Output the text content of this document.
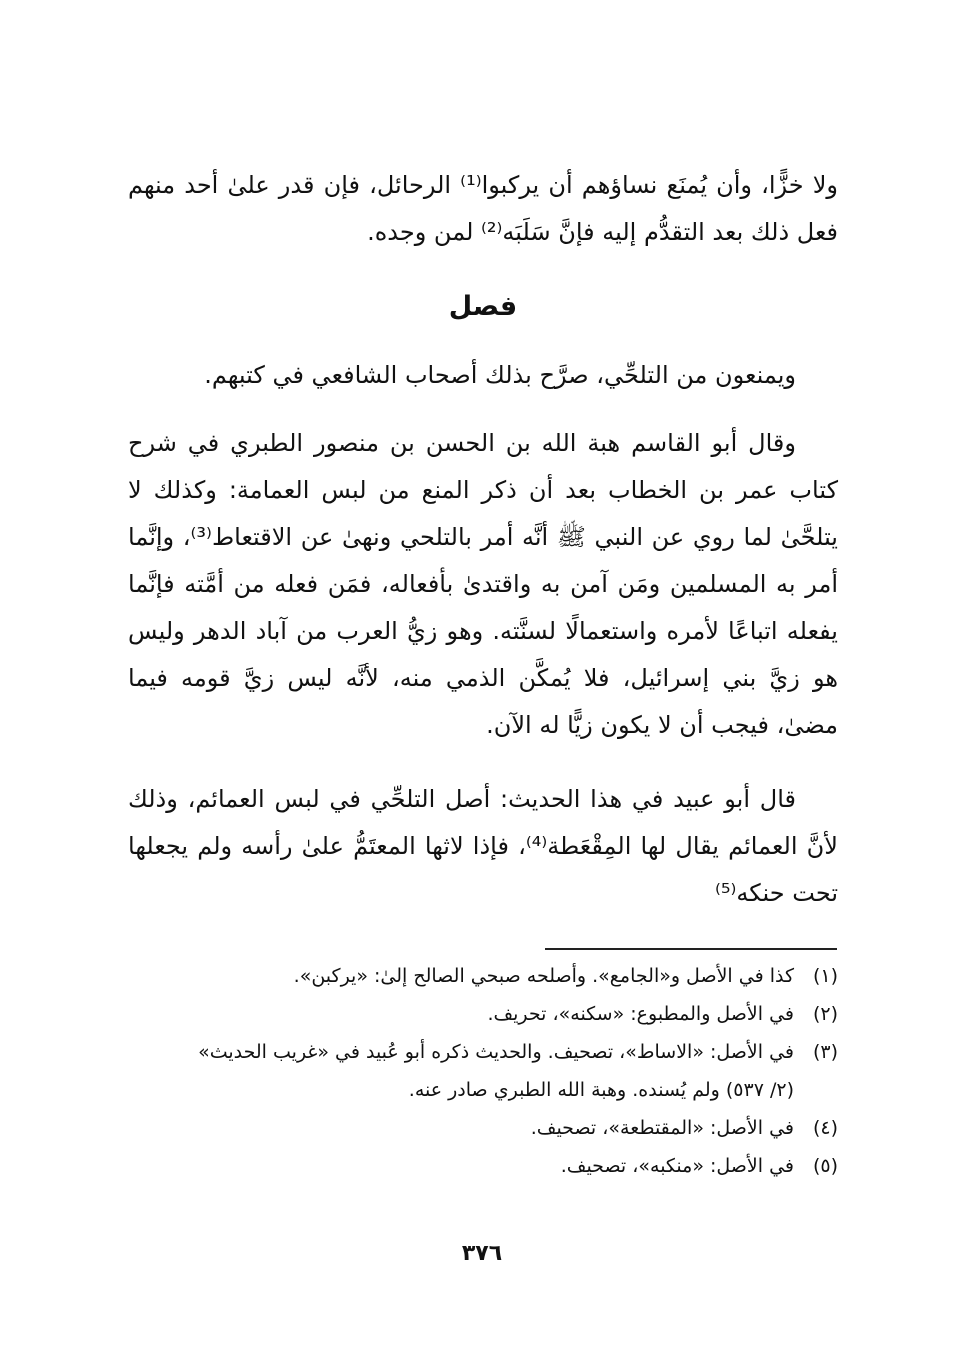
ولا خزًّا، وأن يُمنَع نساؤهم أن يركبوا⁽¹⁾ الرحائل، فإن قدر علىٰ أحد منهم فعل ذلك بعد التقدُّم إليه فإنَّ سَلَبَه⁽²⁾ لمن وجده.
فصل
ويمنعون من التلحِّي، صرَّح بذلك أصحاب الشافعي في كتبهم.
وقال أبو القاسم هبة الله بن الحسن بن منصور الطبري في شرح كتاب عمر بن الخطاب بعد أن ذكر المنع من لبس العمامة: وكذلك لا يتلحَّىٰ لما روي عن النبي ﷺ أنَّه أمر بالتلحي ونهىٰ عن الاقتعاط⁽³⁾، وإنَّما أمر به المسلمين ومَن آمن به واقتدىٰ بأفعاله، فمَن فعله من أمَّته فإنَّما يفعله اتباعًا لأمره واستعمالًا لسنَّته. وهو زيُّ العرب من آباد الدهر وليس هو زيَّ بني إسرائيل، فلا يُمكَّن الذمي منه، لأنَّه ليس زيَّ قومه فيما مضىٰ، فيجب أن لا يكون زيًّا له الآن.
قال أبو عبيد في هذا الحديث: أصل التلحِّي في لبس العمائم، وذلك لأنَّ العمائم يقال لها المِقْعَطة⁽⁴⁾، فإذا لاثها المعتَمُّ علىٰ رأسه ولم يجعلها تحت حنكه⁽⁵⁾
(١)
كذا في الأصل و«الجامع». وأصلحه صبحي الصالح إلىٰ: «يركبن».
(٢)
في الأصل والمطبوع: «سكنه»، تحريف.
(٣)
في الأصل: «الاساط»، تصحيف. والحديث ذكره أبو عُبيد في «غريب الحديث»
(٢/ ٥٣٧) ولم يُسنده. وهبة الله الطبري صادر عنه.
(٤)
في الأصل: «المقتطعة»، تصحيف.
(٥)
في الأصل: «منكبه»، تصحيف.
٣٧٦
